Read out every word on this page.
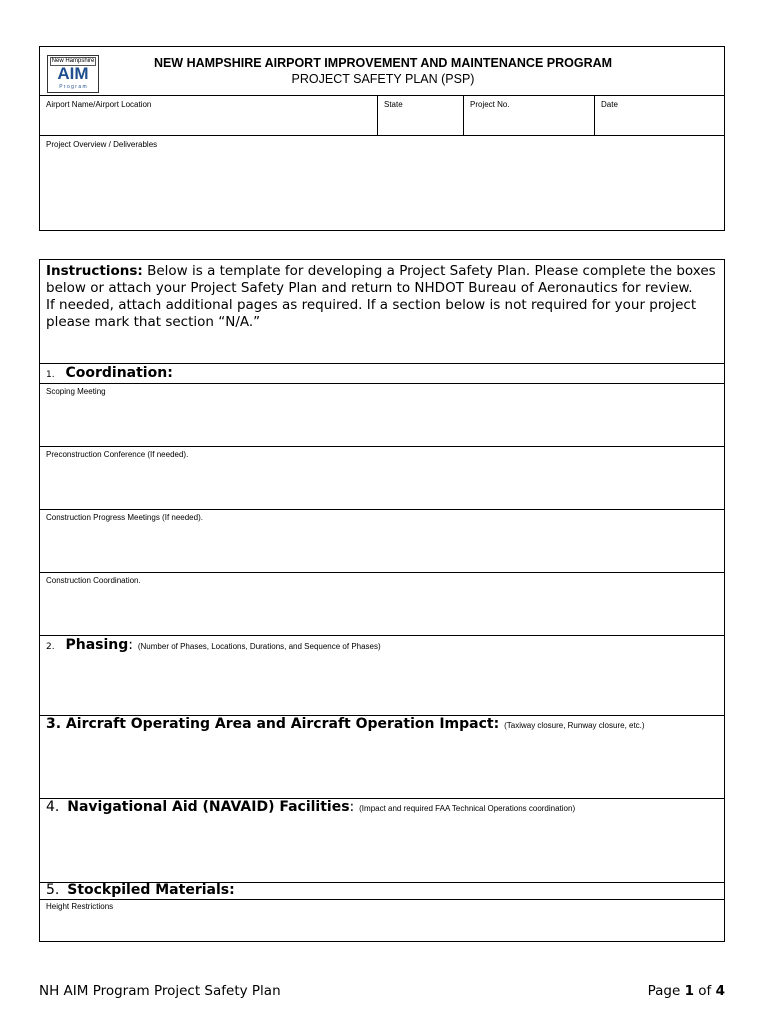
New Hampshire
AIM
P r o g r a m
NEW HAMPSHIRE AIRPORT IMPROVEMENT AND MAINTENANCE PROGRAM
PROJECT SAFETY PLAN (PSP)
Airport Name/Airport Location	State	Project No.	Date
Project Overview / Deliverables
Instructions: Below is a template for developing a Project Safety Plan. Please complete the boxes below or attach your Project Safety Plan and return to NHDOT Bureau of Aeronautics for review.
If needed, attach additional pages as required. If a section below is not required for your project please mark that section “N/A.”
1. Coordination:
Scoping Meeting
Preconstruction Conference (If needed).
Construction Progress Meetings (If needed).
Construction Coordination.
2. Phasing: (Number of Phases, Locations, Durations, and Sequence of Phases)
3. Aircraft Operating Area and Aircraft Operation Impact: (Taxiway closure, Runway closure, etc.)
4. Navigational Aid (NAVAID) Facilities: (Impact and required FAA Technical Operations coordination)
5. Stockpiled Materials:
Height Restrictions
NH AIM Program Project Safety Plan	Page 1 of 4
